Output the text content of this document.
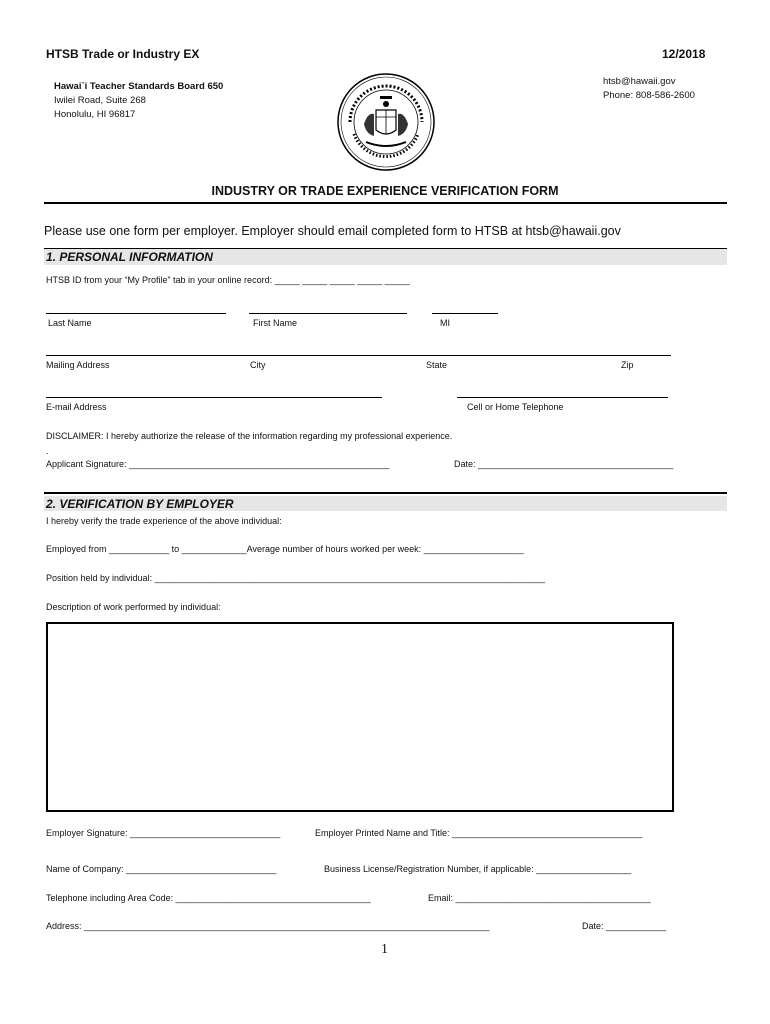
HTSB Trade or Industry EX	12/2018
Hawai`i Teacher Standards Board 650
Iwilei Road, Suite 268
Honolulu, HI 96817
htsb@hawaii.gov
Phone: 808-586-2600
INDUSTRY OR TRADE EXPERIENCE VERIFICATION FORM
Please use one form per employer. Employer should email completed form to HTSB at htsb@hawaii.gov
1. PERSONAL INFORMATION
HTSB ID from your “My Profile” tab in your online record: _____ _____ _____ _____ _____
Last Name	First Name	MI
Mailing Address	City	State	Zip
E-mail Address	Cell or Home Telephone
DISCLAIMER: I hereby authorize the release of the information regarding my professional experience.
.
Applicant Signature: ____________________________________________________	Date: _______________________________________
2. VERIFICATION BY EMPLOYER
I hereby verify the trade experience of the above individual:
Employed from ____________ to _____________Average number of hours worked per week: ____________________
Position held by individual: ______________________________________________________________________________
Description of work performed by individual:
Employer Signature: ______________________________	Employer Printed Name and Title: ______________________________________
Name of Company: ______________________________	Business License/Registration Number, if applicable: ___________________
Telephone including Area Code: _______________________________________	Email: _______________________________________
Address: _________________________________________________________________________________	Date: ____________
1
